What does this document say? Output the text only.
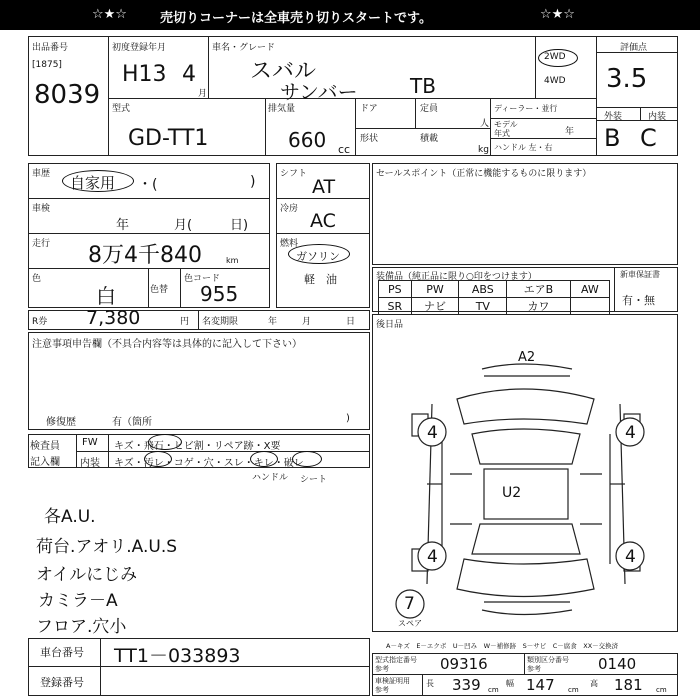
☆★☆	売切りコーナーは全車売り切りスタートです。	☆★☆
出品番号
[1875]
8039
初度登録年月
H13 4
月
車名・グレード
スバル
サンバー	TB
2WD
4WD
評価点
3.5
型式
GD-TT1
排気量
660 cc
ドア	定員
人
形状	積載
kg
ディーラー・並行
モデル
年式	年
ハンドル 左・右
外装	内装
B C
車歴 自家用 ・(	)
車検
年	月(	日)
走行 8万4千840	km
色
白	色替
色コード
955
シフト
AT
冷房
AC
燃料
ガソリン
軽　油
セールスポイント（正常に機能するものに限ります）
装備品（純正品に限り○印をつけます）	新車保証書
有・無
PS	PW	ABS	エアB	AW
SR	ナビ	TV	カワ	
R券 7,380	円 名変期限	年	月	日 後日品
注意事項申告欄（不具合内容等は具体的に記入して下さい）
修復歴	有（箇所	)
検査員
記入欄
FW キズ・飛石・ヒビ割・リペア跡・X要
内装 キズ・汚レ・コゲ・穴・スレ・キレ・破レ
ハンドル シート
各A.U.
荷台.アオリ.A.U.S
オイルにじみ
カミラ－A
フロア.穴小
車台番号 TT1－033893
登録番号
A2
4	4
4	4
U2
7
スペア
A－キズ　E－エクボ　U－凹み　W－補修跡　S－サビ　C－腐食　XX－交換済
型式指定番号
参考	09316	類別区分番号
参考	0140
車検証明用
参考
長 339 cm
幅 147 cm
高 181 cm
